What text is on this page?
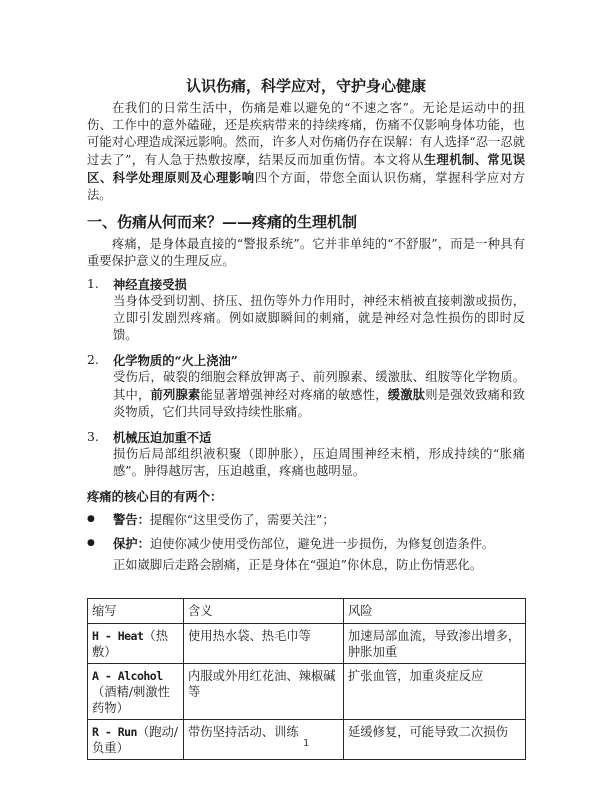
认识伤痛，科学应对，守护身心健康

在我们的日常生活中，伤痛是难以避免的“不速之客”。无论是运动中的扭伤、工作中的意外磕碰，还是疾病带来的持续疼痛，伤痛不仅影响身体功能，也可能对心理造成深远影响。然而，许多人对伤痛仍存在误解：有人选择“忍一忍就过去了”，有人急于热敷按摩，结果反而加重伤情。本文将从生理机制、常见误区、科学处理原则及心理影响四个方面，带您全面认识伤痛，掌握科学应对方法。

一、伤痛从何而来？——疼痛的生理机制

疼痛，是身体最直接的“警报系统”。它并非单纯的“不舒服”，而是一种具有重要保护意义的生理反应。

1.	神经直接受损

当身体受到切割、挤压、扭伤等外力作用时，神经末梢被直接刺激或损伤，立即引发剧烈疼痛。例如崴脚瞬间的刺痛，就是神经对急性损伤的即时反馈。

2.	化学物质的“火上浇油”

受伤后，破裂的细胞会释放钾离子、前列腺素、缓激肽、组胺等化学物质。其中，前列腺素能显著增强神经对疼痛的敏感性，缓激肽则是强效致痛和致炎物质，它们共同导致持续性胀痛。

3.	机械压迫加重不适

损伤后局部组织液积聚（即肿胀），压迫周围神经末梢，形成持续的“胀痛感”。肿得越厉害，压迫越重，疼痛也越明显。

疼痛的核心目的有两个：

●	警告：提醒你“这里受伤了，需要关注”；

●	保护：迫使你减少使用受伤部位，避免进一步损伤，为修复创造条件。

正如崴脚后走路会剧痛，正是身体在“强迫”你休息，防止伤情恶化。

缩写	含义	风险
H - Heat（热敷）	使用热水袋、热毛巾等	加速局部血流，导致渗出增多，肿胀加重
A - Alcohol（酒精/刺激性药物）	内服或外用红花油、辣椒碱等	扩张血管，加重炎症反应
R - Run（跑动/负重）	带伤坚持活动、训练	延缓修复，可能导致二次损伤
1
